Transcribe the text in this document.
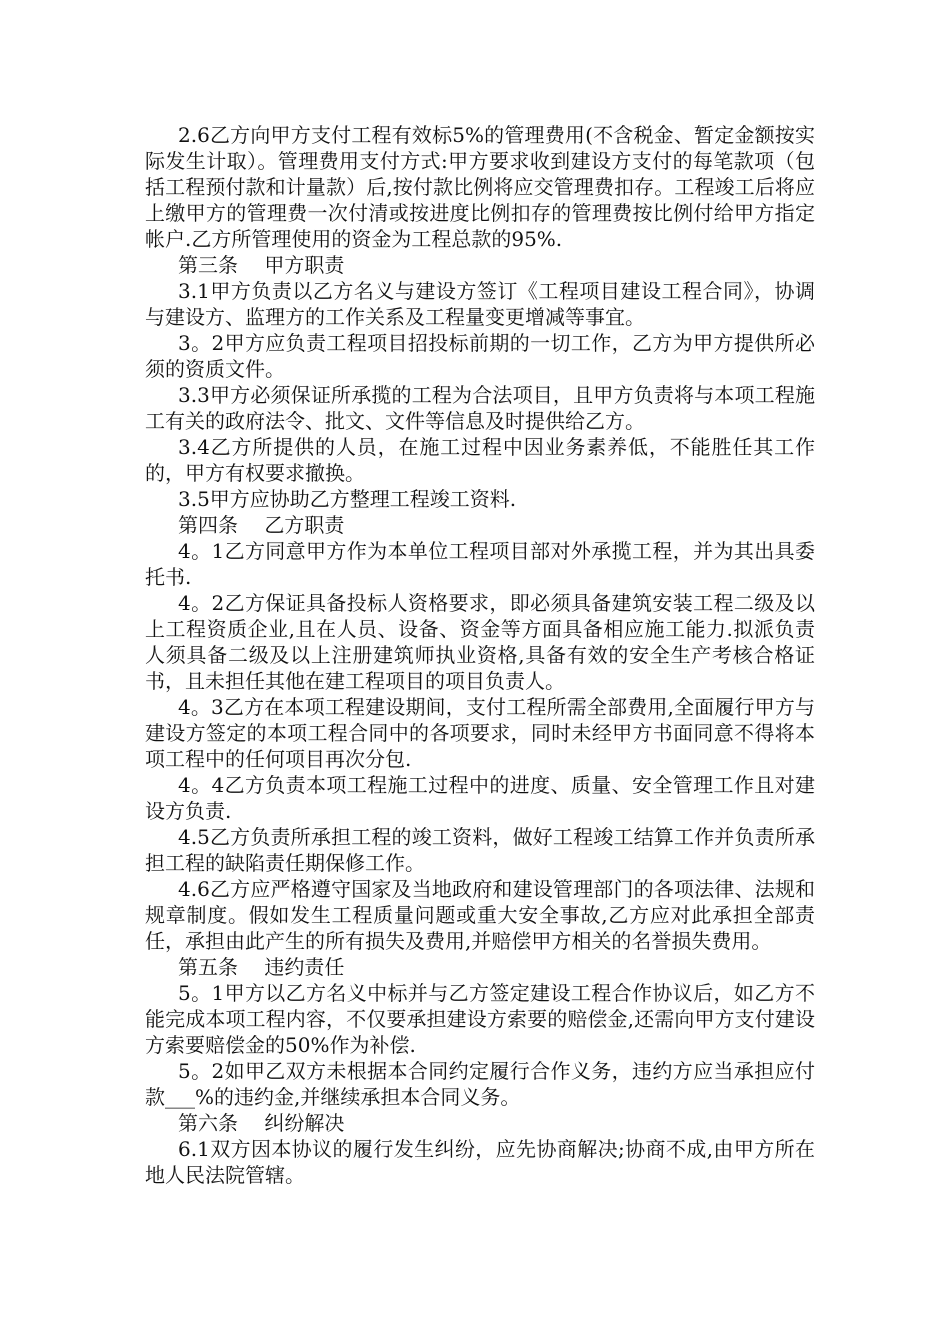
2.6乙方向甲方支付工程有效标5%的管理费用(不含税金、暂定金额按实际发生计取）。管理费用支付方式:甲方要求收到建设方支付的每笔款项（包括工程预付款和计量款）后,按付款比例将应交管理费扣存。工程竣工后将应上缴甲方的管理费一次付清或按进度比例扣存的管理费按比例付给甲方指定帐户.乙方所管理使用的资金为工程总款的95%.

第三条　 甲方职责

3.1甲方负责以乙方名义与建设方签订《工程项目建设工程合同》，协调与建设方、监理方的工作关系及工程量变更增减等事宜。

3。2甲方应负责工程项目招投标前期的一切工作，乙方为甲方提供所必须的资质文件。

3.3甲方必须保证所承揽的工程为合法项目，且甲方负责将与本项工程施工有关的政府法令、批文、文件等信息及时提供给乙方。

3.4乙方所提供的人员，在施工过程中因业务素养低，不能胜任其工作的，甲方有权要求撤换。

3.5甲方应协助乙方整理工程竣工资料.

第四条　 乙方职责

4。1乙方同意甲方作为本单位工程项目部对外承揽工程，并为其出具委托书.

4。2乙方保证具备投标人资格要求，即必须具备建筑安装工程二级及以上工程资质企业,且在人员、设备、资金等方面具备相应施工能力.拟派负责人须具备二级及以上注册建筑师执业资格,具备有效的安全生产考核合格证书，且未担任其他在建工程项目的项目负责人。

4。3乙方在本项工程建设期间，支付工程所需全部费用,全面履行甲方与建设方签定的本项工程合同中的各项要求，同时未经甲方书面同意不得将本项工程中的任何项目再次分包.

4。4乙方负责本项工程施工过程中的进度、质量、安全管理工作且对建设方负责.

4.5乙方负责所承担工程的竣工资料，做好工程竣工结算工作并负责所承担工程的缺陷责任期保修工作。

4.6乙方应严格遵守国家及当地政府和建设管理部门的各项法律、法规和规章制度。假如发生工程质量问题或重大安全事故,乙方应对此承担全部责任，承担由此产生的所有损失及费用,并赔偿甲方相关的名誉损失费用。

第五条　 违约责任

5。1甲方以乙方名义中标并与乙方签定建设工程合作协议后，如乙方不能完成本项工程内容，不仅要承担建设方索要的赔偿金,还需向甲方支付建设方索要赔偿金的50%作为补偿.

5。2如甲乙双方未根据本合同约定履行合作义务，违约方应当承担应付款___%的违约金,并继续承担本合同义务。

第六条　 纠纷解决

6.1双方因本协议的履行发生纠纷，应先协商解决;协商不成,由甲方所在地人民法院管辖。
